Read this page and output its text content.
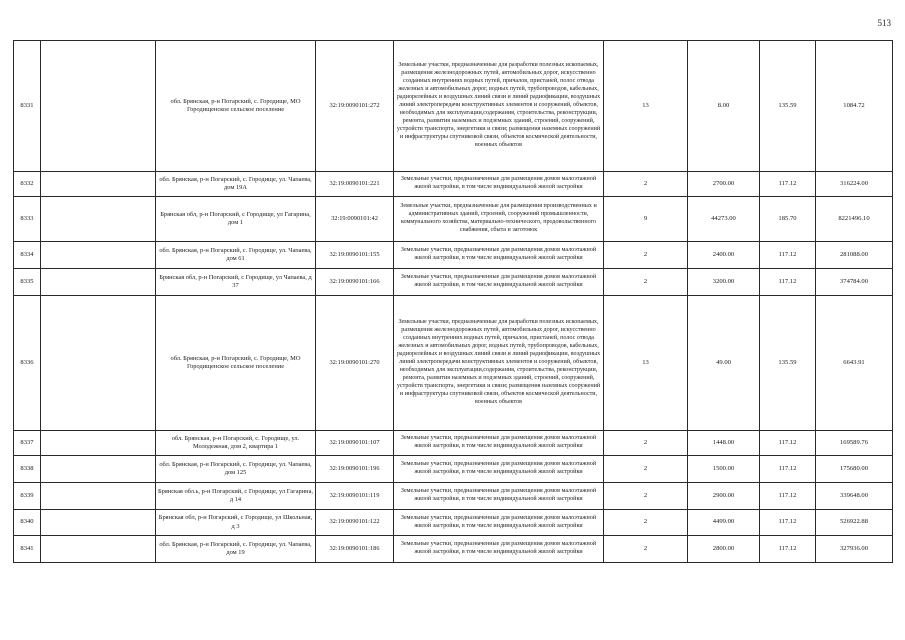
513
8331		обл. Брянская, р-н Погарский, с. Городище, МО Городищенское сельское поселение	32:19:0090101:272	Земельные участки, предназначенные для разработки полезных ископаемых, размещения железнодорожных путей, автомобильных дорог, искусственно созданных внутренних водных путей, причалов, пристаней, полос отвода железных и автомобильных дорог, водных путей, трубопроводов, кабельных, радиорелейных и воздушных линий связи и линий радиофикации, воздушных линий электропередачи конструктивных элементов и сооружений, объектов, необходимых для эксплуатации,содержания, строительства, реконструкции, ремонта, развития наземных и подземных зданий, строений, сооружений, устройств транспорта, энергетики и связи; размещения наземных сооружений и инфраструктуры спутниковой связи, объектов космической деятельности, военных объектов	13	8.00	135.59	1084.72
8332		обл. Брянская, р-н Погарский, с. Городище, ул. Чапаева, дом 19А	32:19:0090101:221	Земельные участки, предназначенные для размещения домов малоэтажной жилой застройки, в том числе индивидуальной жилой застройки	2	2700.00	117.12	316224.00
8333		Брянская обл, р-н Погарский, с Городище, ул Гагарина, дом 1	32:19:0090101:42	Земельные участки, предназначенные для размещения производственных и административных зданий, строений, сооружений промышленности, коммунального хозяйства, материально-технического, продовольственного снабжения, сбыта и заготовок	9	44273.00	185.70	8221496.10
8334		обл. Брянская, р-н Погарский, с. Городище, ул. Чапаева, дом 61	32:19:0090101:155	Земельные участки, предназначенные для размещения домов малоэтажной жилой застройки, в том числе индивидуальной жилой застройки	2	2400.00	117.12	281088.00
8335		Брянская обл, р-н Погарский, с Городище, ул Чапаева, д 37	32:19:0090101:166	Земельные участки, предназначенные для размещения домов малоэтажной жилой застройки, в том числе индивидуальной жилой застройки	2	3200.00	117.12	374784.00
8336		обл. Брянская, р-н Погарский, с. Городище, МО Городищенское сельское поселение	32:19:0090101:270	Земельные участки, предназначенные для разработки полезных ископаемых, размещения железнодорожных путей, автомобильных дорог, искусственно созданных внутренних водных путей, причалов, пристаней, полос отвода железных и автомобильных дорог, водных путей, трубопроводов, кабельных, радиорелейных и воздушных линий связи и линий радиофикации, воздушных линий электропередачи конструктивных элементов и сооружений, объектов, необходимых для эксплуатации,содержания, строительства, реконструкции, ремонта, развития наземных и подземных зданий, строений, сооружений, устройств транспорта, энергетики и связи; размещения наземных сооружений и инфраструктуры спутниковой связи, объектов космической деятельности, военных объектов	13	49.00	135.59	6643.91
8337		обл. Брянская, р-н Погарский, с. Городище, ул. Молодежная, дом 2, квартира 1	32:19:0090101:107	Земельные участки, предназначенные для размещения домов малоэтажной жилой застройки, в том числе индивидуальной жилой застройки	2	1448.00	117.12	169589.76
8338		обл. Брянская, р-н Погарский, с. Городище, ул. Чапаева, дом 125	32:19:0090101:196	Земельные участки, предназначенные для размещения домов малоэтажной жилой застройки, в том числе индивидуальной жилой застройки	2	1500.00	117.12	175680.00
8339		Брянская обл.ь, р-н Погарский, с Городище, ул Гагарина, д 14	32:19:0090101:119	Земельные участки, предназначенные для размещения домов малоэтажной жилой застройки, в том числе индивидуальной жилой застройки	2	2900.00	117.12	339648.00
8340		Брянская обл, р-н Погарский, с Городище, ул Школьная, д 3	32:19:0090101:122	Земельные участки, предназначенные для размещения домов малоэтажной жилой застройки, в том числе индивидуальной жилой застройки	2	4499.00	117.12	526922.88
8341		обл. Брянская, р-н Погарский, с. Городище, ул. Чапаева, дом 19	32:19:0090101:186	Земельные участки, предназначенные для размещения домов малоэтажной жилой застройки, в том числе индивидуальной жилой застройки	2	2800.00	117.12	327936.00
